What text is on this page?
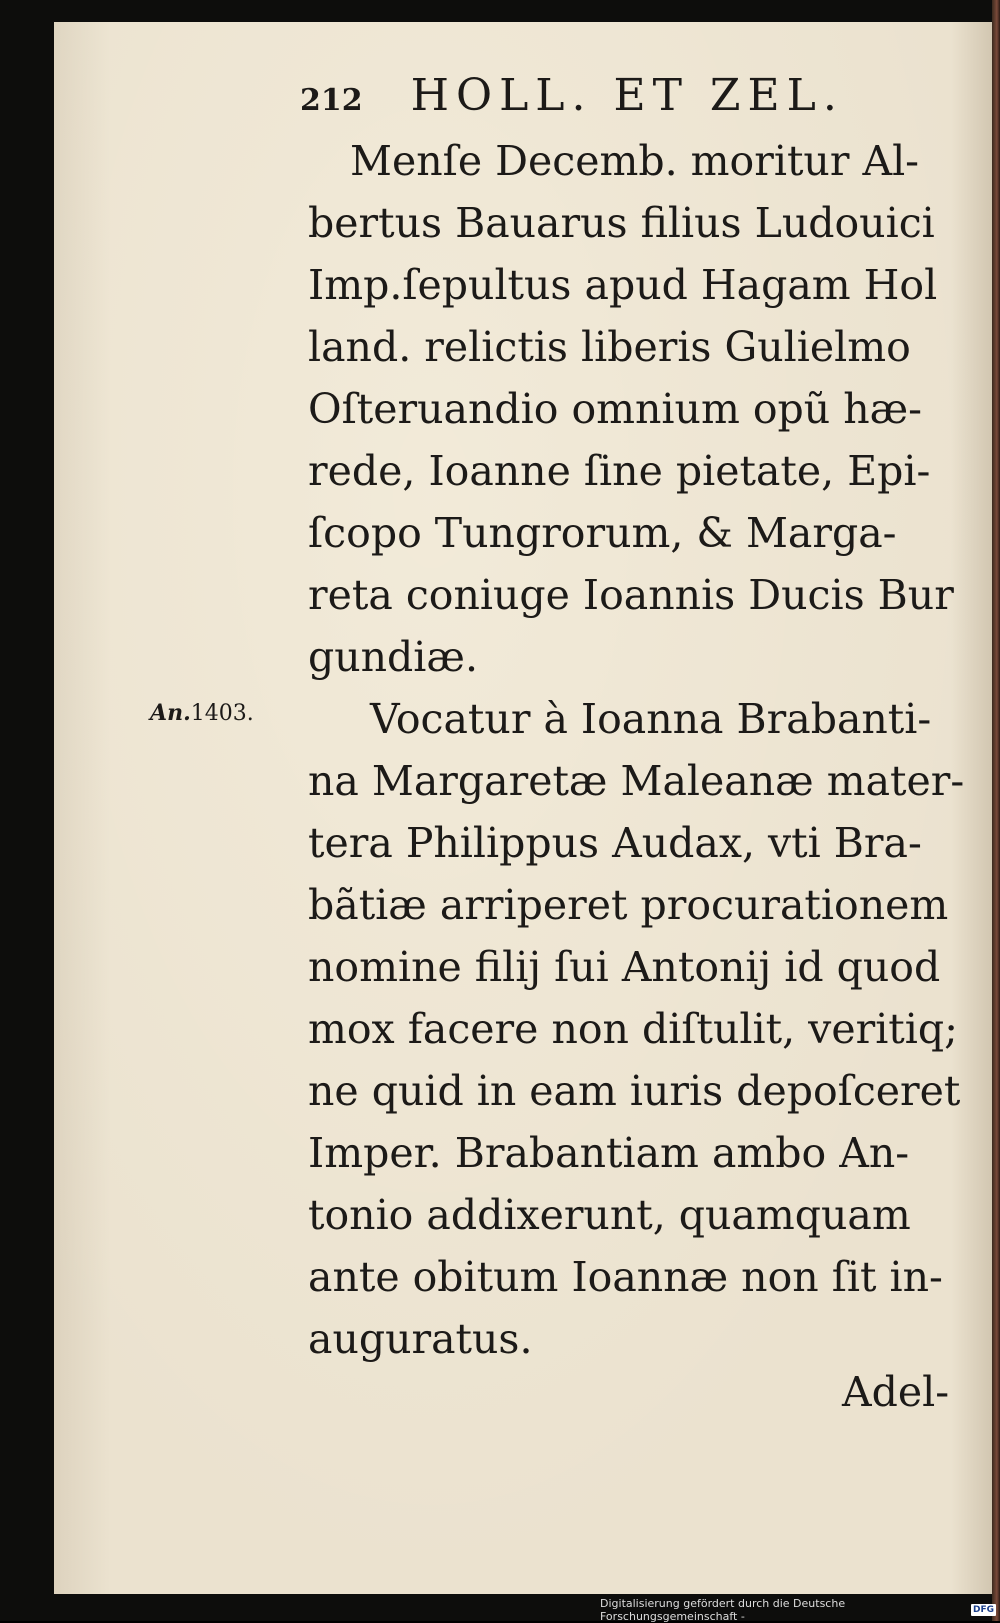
212 HOLL. ET ZEL.
Menſe Decemb. moritur Al-
bertus Bauarus filius Ludouici
Imp.ſepultus apud Hagam Hol
land. relictis liberis Gulielmo
Oſteruandio omnium opũ hæ-
rede, Ioanne ſine pietate, Epi-
ſcopo Tungrorum, & Marga-
reta coniuge Ioannis Ducis Bur
gundiæ.
Vocatur à Ioanna Brabanti-
na Margaretæ Maleanæ mater-
tera Philippus Audax, vti Bra-
bãtiæ arriperet procurationem
nomine filij ſui Antonij id quod
mox facere non diſtulit, veritiq;
ne quid in eam iuris depoſceret
Imper. Brabantiam ambo An-
tonio addixerunt, quamquam
ante obitum Ioannæ non ſit in-
auguratus.
An.1403.
Adel-
Digitalisierung gefördert durch die Deutsche Forschungsgemeinschaft -	DFG
